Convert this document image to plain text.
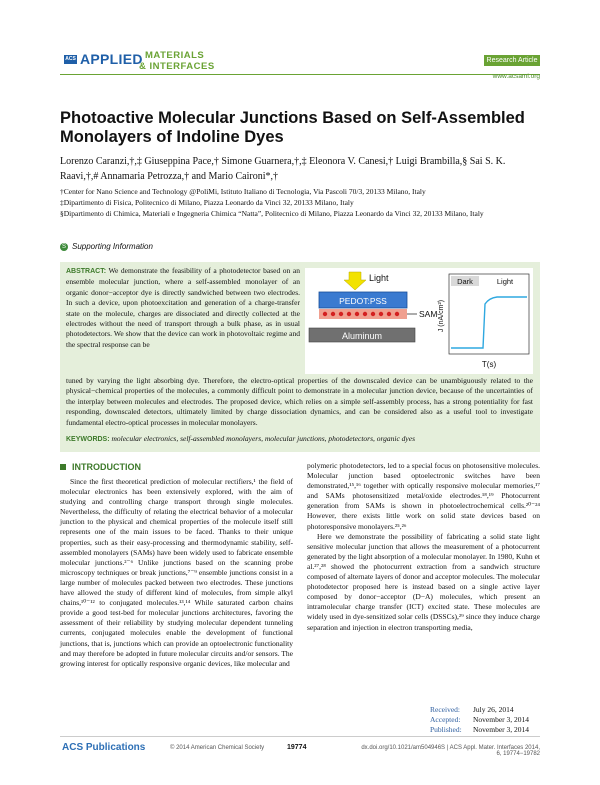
ACS APPLIED MATERIALS
& INTERFACES
Research Article
www.acsami.org
Photoactive Molecular Junctions Based on Self-Assembled Monolayers of Indoline Dyes
Lorenzo Caranzi,†,‡ Giuseppina Pace,† Simone Guarnera,†,‡ Eleonora V. Canesi,† Luigi Brambilla,§ Sai S. K. Raavi,†,# Annamaria Petrozza,† and Mario Caironi*,†
†Center for Nano Science and Technology @PoliMi, Istituto Italiano di Tecnologia, Via Pascoli 70/3, 20133 Milano, Italy
‡Dipartimento di Fisica, Politecnico di Milano, Piazza Leonardo da Vinci 32, 20133 Milano, Italy
§Dipartimento di Chimica, Materiali e Ingegneria Chimica “Natta”, Politecnico di Milano, Piazza Leonardo da Vinci 32, 20133 Milano, Italy
S Supporting Information
ABSTRACT: We demonstrate the feasibility of a photodetector based on an ensemble molecular junction, where a self-assembled monolayer of an organic donor−acceptor dye is directly sandwiched between two electrodes. In such a device, upon photoexcitation and generation of a charge-transfer state on the molecule, charges are dissociated and directly collected at the electrodes without the need of transport through a bulk phase, as in usual photodetectors. We show that the device can work in photovoltaic regime and the spectral response can be
tuned by varying the light absorbing dye. Therefore, the electro-optical properties of the downscaled device can be unambiguously related to the physical−chemical properties of the molecules, a commonly difficult point to demonstrate in a molecular junction device, because of the uncertainties of the interplay between molecules and electrodes. The proposed device, which relies on a simple self-assembly process, has a strong potentiality for fast responding, downscaled detectors, ultimately limited by charge dissociation dynamics, and can be considered also as a useful tool to investigate fundamental electro-optical processes in molecular monolayers.
KEYWORDS: molecular electronics, self-assembled monolayers, molecular junctions, photodetectors, organic dyes
Light
PEDOT:PSS
SAM
Aluminum
Dark	Light
J (nA/cm²)
T(s)
INTRODUCTION

Since the first theoretical prediction of molecular rectifiers,¹ the field of molecular electronics has been extensively explored, with the aim of studying and controlling charge transport through single molecules. Nevertheless, the difficulty of relating the electrical behavior of a molecular junction to the physical and chemical properties of the molecule itself still represents one of the main issues to be faced. Thanks to their unique properties, such as their easy-processing and thermodynamic stability, self-assembled monolayers (SAMs) have been widely used to fabricate ensemble molecular junctions.²⁻⁶ Unlike junctions based on the scanning probe microscopy techniques or break junctions,⁷⁻⁹ ensemble junctions consist in a large number of molecules packed between two electrodes. These junctions have allowed the study of different kind of molecules, from simple alkyl chains,¹⁰⁻¹² to conjugated molecules.¹³,¹⁴ While saturated carbon chains provide a good test-bed for molecular junctions architectures, favoring the assessment of their reliability by studying molecular dependent tunneling currents, conjugated molecules enable the development of functional junctions, that is, junctions which can provide an optoelectronic functionality and may therefore be adopted in future molecular circuits and/or sensors. The growing interest for optically responsive organic devices, like molecular and

polymeric photodetectors, led to a special focus on photosensitive molecules. Molecular junction based optoelectronic switches have been demonstrated,¹⁵,¹⁶ together with optically responsive molecular memories,¹⁷ and SAMs photosensitized metal/oxide electrodes.¹⁸,¹⁹ Photocurrent generation from SAMs is shown in photoelectrochemical cells.²⁰⁻²⁴ However, there exists little work on solid state devices based on photoresponsive monolayers.²⁵,²⁶

Here we demonstrate the possibility of fabricating a solid state light sensitive molecular junction that allows the measurement of a photocurrent generated by the light absorption of a molecular monolayer. In 1980, Kuhn et al.²⁷,²⁸ showed the photocurrent extraction from a sandwich structure composed of alternate layers of donor and acceptor molecules. The molecular photodetector proposed here is instead based on a single active layer composed by donor−acceptor (D−A) molecules, which present an intramolecular charge transfer (ICT) excited state. These molecules are widely used in dye-sensitized solar cells (DSSCs),²⁹ since they induce charge separation and injection in electron transporting media,

Received: July 26, 2014
Accepted: November 3, 2014
Published: November 3, 2014
ACS Publications	© 2014 American Chemical Society	19774	dx.doi.org/10.1021/am504946S | ACS Appl. Mater. Interfaces 2014, 6, 19774−19782
